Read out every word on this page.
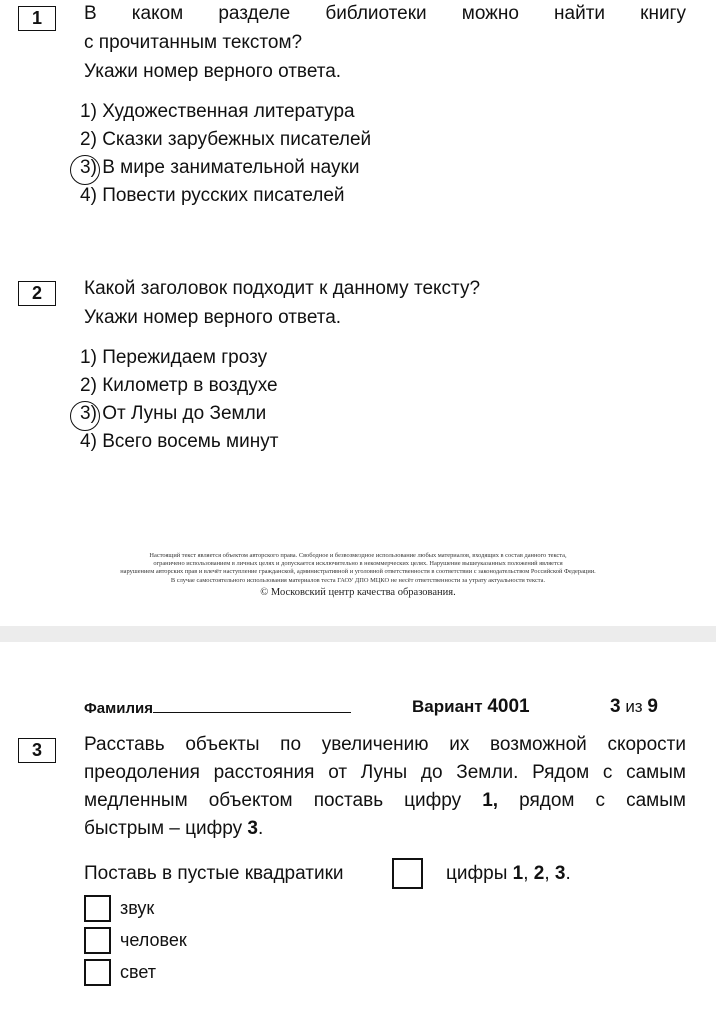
1	В каком разделе библиотеки можно найти книгу
с прочитанным текстом?
Укажи номер верного ответа.
1) Художественная литература
2) Сказки зарубежных писателей
3) В мире занимательной науки
4) Повести русских писателей
2	Какой заголовок подходит к данному тексту?
Укажи номер верного ответа.
1) Пережидаем грозу
2) Километр в воздухе
3) От Луны до Земли
4) Всего восемь минут
Настоящий текст является объектом авторского права. Свободное и безвозмездное использование любых материалов, входящих в состав данного текста,
ограничено использованием в личных целях и допускается исключительно в некоммерческих целях. Нарушение вышеуказанных положений является
нарушением авторских прав и влечёт наступление гражданской, административной и уголовной ответственности в соответствии с законодательством Российской Федерации.
В случае самостоятельного использования материалов теста ГАОУ ДПО МЦКО не несёт ответственности за утрату актуальности текста.
© Московский центр качества образования.
Фамилия	Вариант 4001	3 из 9
3	Расставь объекты по увеличению их возможной скорости
преодоления расстояния от Луны до Земли. Рядом с самым
медленным объектом поставь цифру 1, рядом с самым
быстрым – цифру 3.
Поставь в пустые квадратики	цифры 1, 2, 3.
звук
человек
свет
